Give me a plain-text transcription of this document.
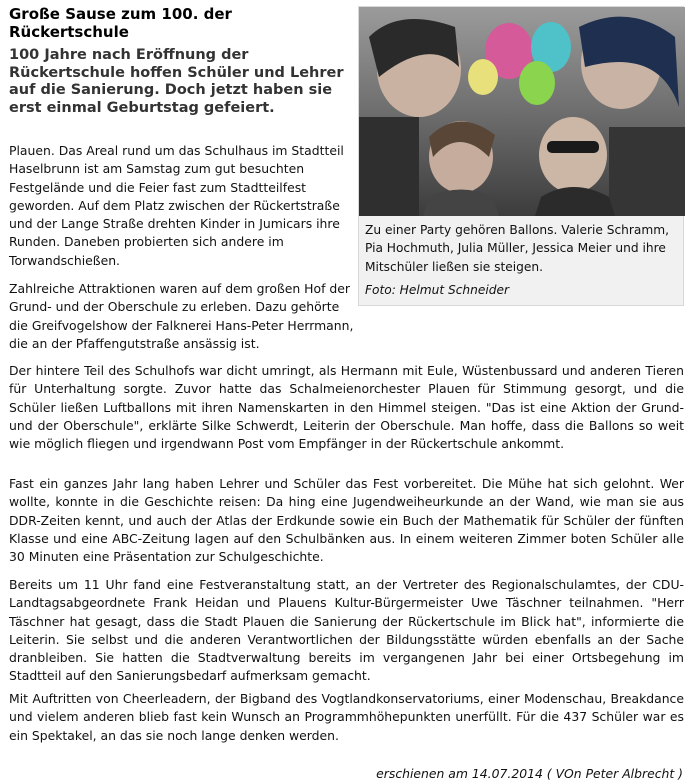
Große Sause zum 100. der Rückertschule

100 Jahre nach Eröffnung der Rückertschule hoffen Schüler und Lehrer auf die Sanierung. Doch jetzt haben sie erst einmal Geburtstag gefeiert.

Zu einer Party gehören Ballons. Valerie Schramm, Pia Hochmuth, Julia Müller, Jessica Meier und ihre Mitschüler ließen sie steigen.

Foto: Helmut Schneider

Plauen. Das Areal rund um das Schulhaus im Stadtteil Haselbrunn ist am Samstag zum gut besuchten Festgelände und die Feier fast zum Stadtteilfest geworden. Auf dem Platz zwischen der Rückertstraße und der Lange Straße drehten Kinder in Jumicars ihre Runden. Daneben probierten sich andere im Torwandschießen.

Zahlreiche Attraktionen waren auf dem großen Hof der Grund- und der Oberschule zu erleben. Dazu gehörte die Greifvogelshow der Falknerei Hans-Peter Herrmann, die an der Pfaffengutstraße ansässig ist.

Der hintere Teil des Schulhofs war dicht umringt, als Hermann mit Eule, Wüstenbussard und anderen Tieren für Unterhaltung sorgte. Zuvor hatte das Schalmeienorchester Plauen für Stimmung gesorgt, und die Schüler ließen Luftballons mit ihren Namenskarten in den Himmel steigen. "Das ist eine Aktion der Grund- und der Oberschule", erklärte Silke Schwerdt, Leiterin der Oberschule. Man hoffe, dass die Ballons so weit wie möglich fliegen und irgendwann Post vom Empfänger in der Rückertschule ankommt.

Fast ein ganzes Jahr lang haben Lehrer und Schüler das Fest vorbereitet. Die Mühe hat sich gelohnt. Wer wollte, konnte in die Geschichte reisen: Da hing eine Jugendweiheurkunde an der Wand, wie man sie aus DDR-Zeiten kennt, und auch der Atlas der Erdkunde sowie ein Buch der Mathematik für Schüler der fünften Klasse und eine ABC-Zeitung lagen auf den Schulbänken aus. In einem weiteren Zimmer boten Schüler alle 30 Minuten eine Präsentation zur Schulgeschichte.

Bereits um 11 Uhr fand eine Festveranstaltung statt, an der Vertreter des Regionalschulamtes, der CDU-Landtagsabgeordnete Frank Heidan und Plauens Kultur-Bürgermeister Uwe Täschner teilnahmen. "Herr Täschner hat gesagt, dass die Stadt Plauen die Sanierung der Rückertschule im Blick hat", informierte die Leiterin. Sie selbst und die anderen Verantwortlichen der Bildungsstätte würden ebenfalls an der Sache dranbleiben. Sie hatten die Stadtverwaltung bereits im vergangenen Jahr bei einer Ortsbegehung im Stadtteil auf den Sanierungsbedarf aufmerksam gemacht.

Mit Auftritten von Cheerleadern, der Bigband des Vogtlandkonservatoriums, einer Modenschau, Breakdance und vielem anderen blieb fast kein Wunsch an Programmhöhepunkten unerfüllt. Für die 437 Schüler war es ein Spektakel, an das sie noch lange denken werden.

erschienen am 14.07.2014 ( VOn Peter Albrecht )
